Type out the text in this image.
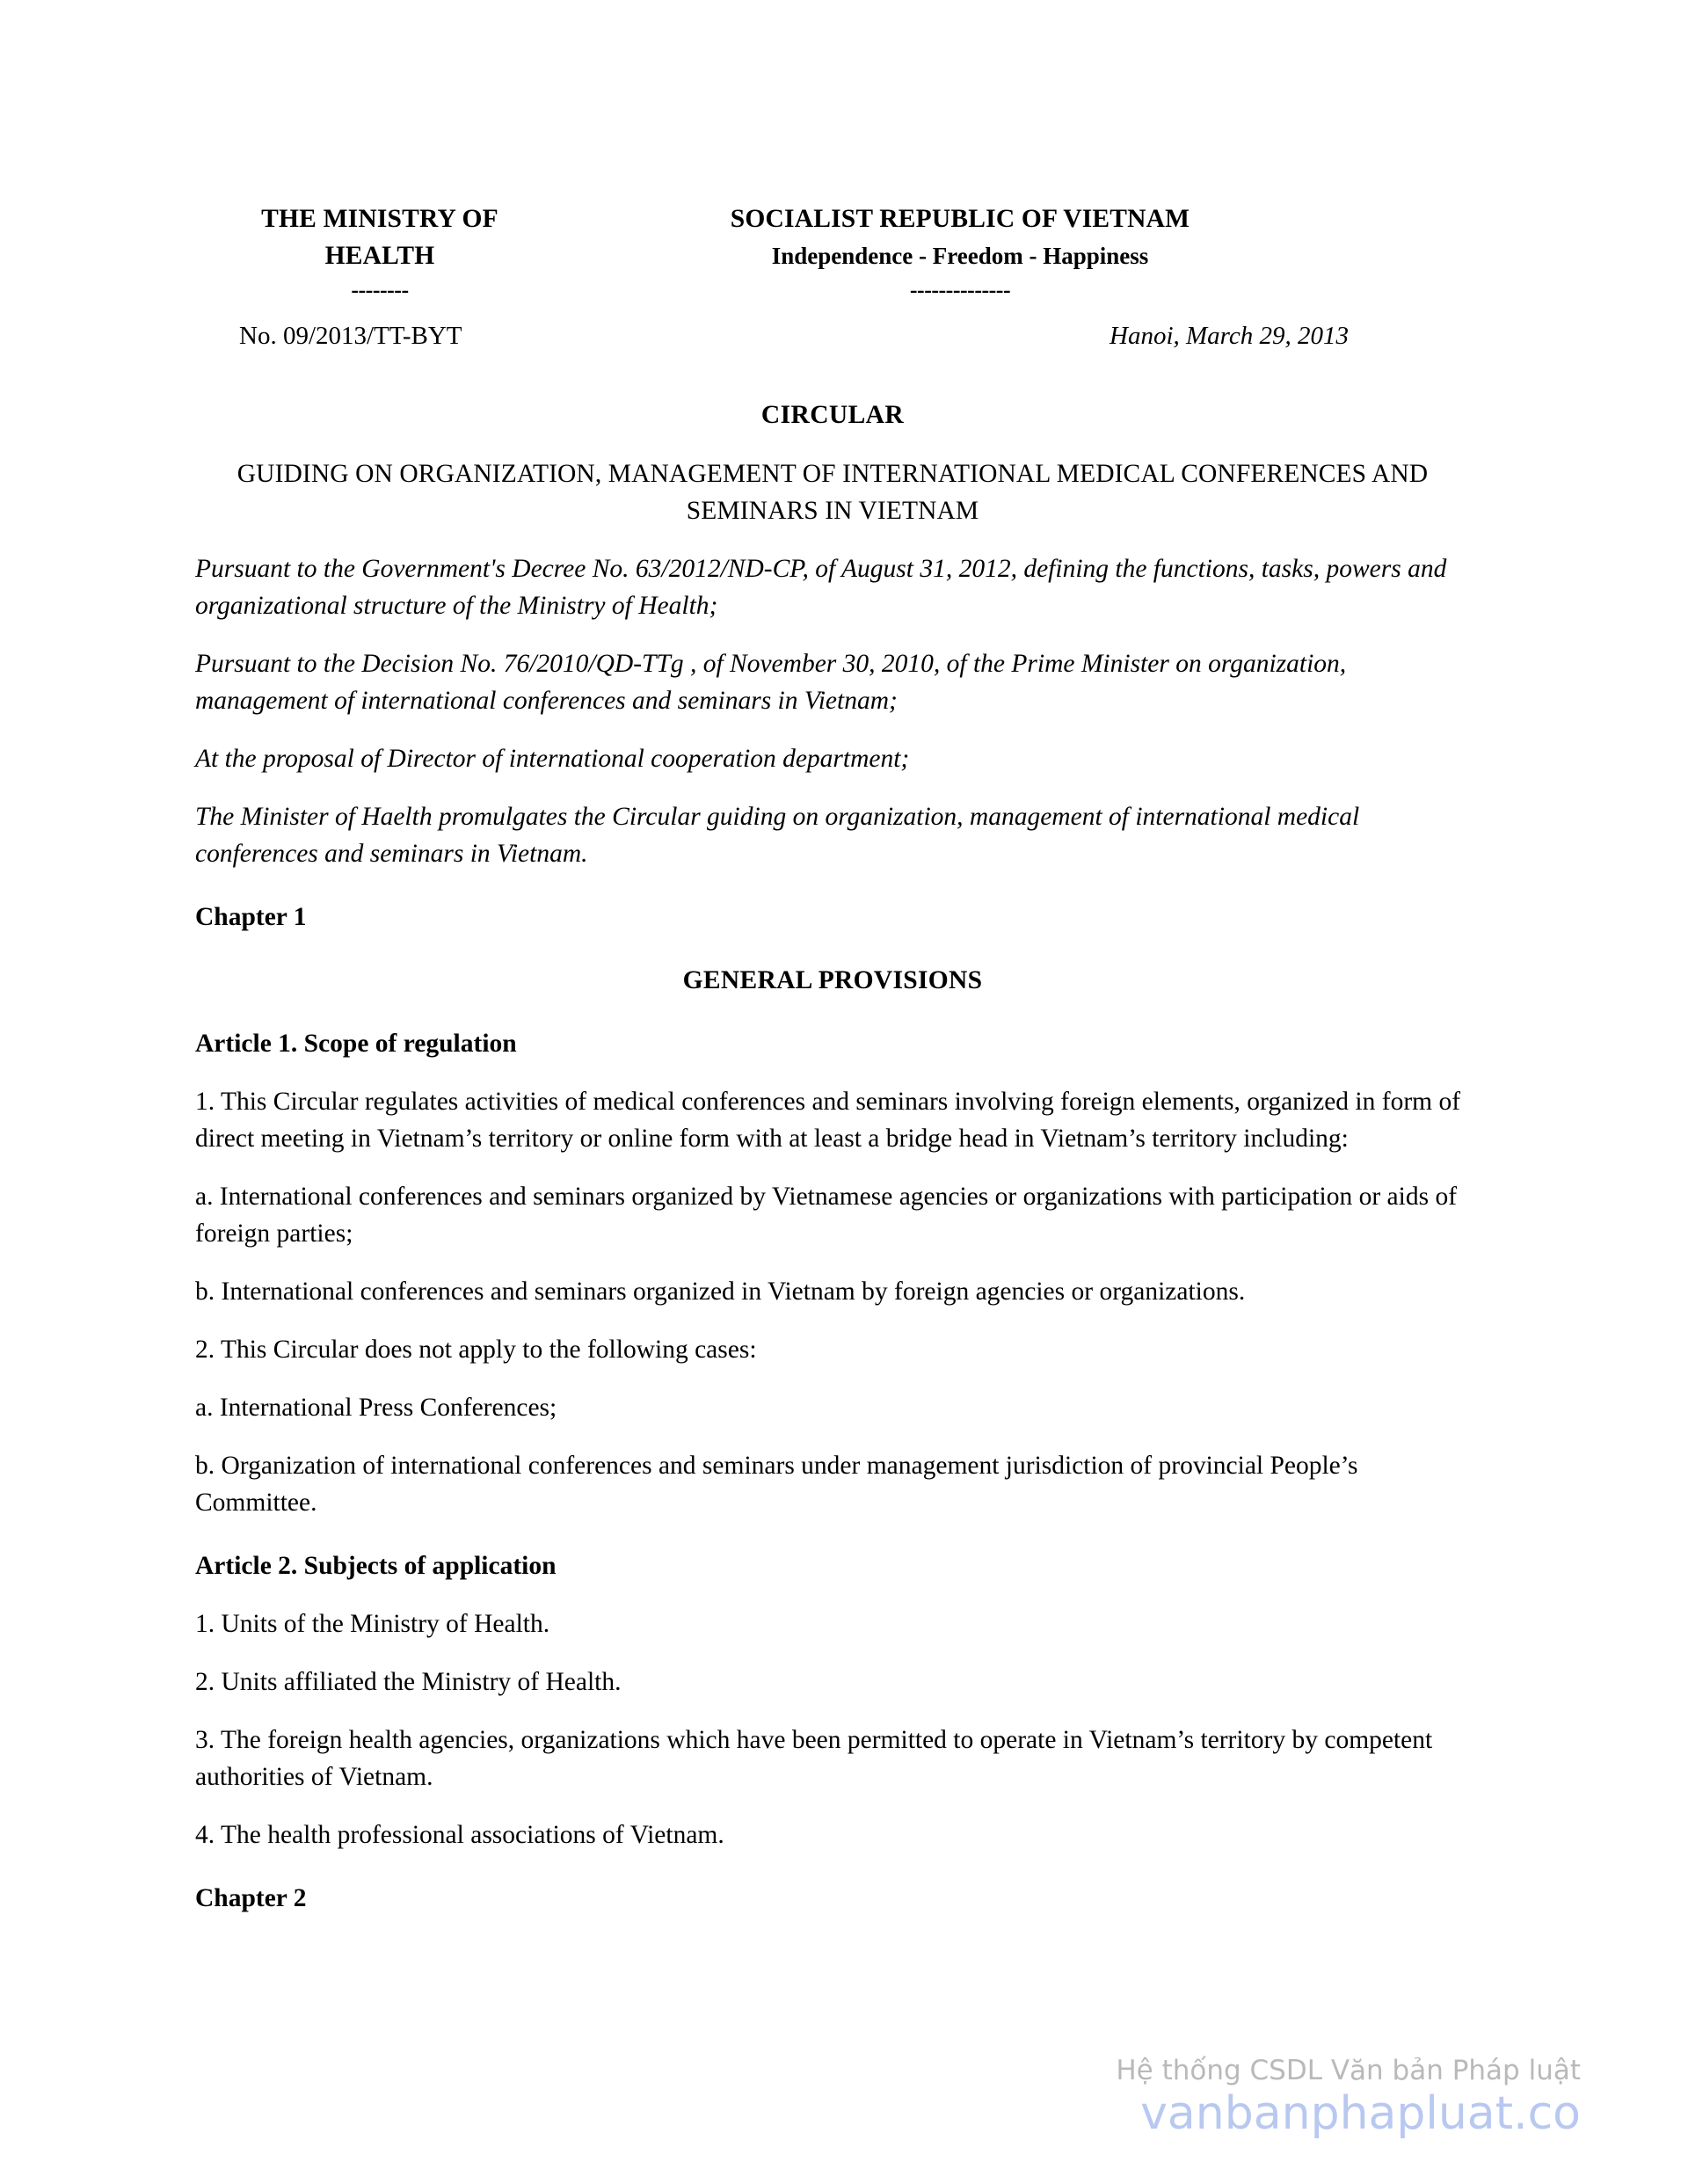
THE MINISTRY OF
HEALTH
--------
SOCIALIST REPUBLIC OF VIETNAM
Independence - Freedom - Happiness
--------------
No. 09/2013/TT-BYT	Hanoi, March 29, 2013
CIRCULAR
GUIDING ON ORGANIZATION, MANAGEMENT OF INTERNATIONAL MEDICAL CONFERENCES AND SEMINARS IN VIETNAM
Pursuant to the Government's Decree No. 63/2012/ND-CP, of August 31, 2012, defining the functions, tasks, powers and organizational structure of the Ministry of Health;
Pursuant to the Decision No. 76/2010/QD-TTg , of November 30, 2010, of the Prime Minister on organization, management of international conferences and seminars in Vietnam;
At the proposal of Director of international cooperation department;
The Minister of Haelth promulgates the Circular guiding on organization, management of international medical conferences and seminars in Vietnam.
Chapter 1
GENERAL PROVISIONS
Article 1. Scope of regulation
1. This Circular regulates activities of medical conferences and seminars involving foreign elements, organized in form of direct meeting in Vietnam’s territory or online form with at least a bridge head in Vietnam’s territory including:
a. International conferences and seminars organized by Vietnamese agencies or organizations with participation or aids of foreign parties;
b. International conferences and seminars organized in Vietnam by foreign agencies or organizations.
2. This Circular does not apply to the following cases:
a. International Press Conferences;
b. Organization of international conferences and seminars under management jurisdiction of provincial People’s Committee.
Article 2. Subjects of application
1. Units of the Ministry of Health.
2. Units affiliated the Ministry of Health.
3. The foreign health agencies, organizations which have been permitted to operate in Vietnam’s territory by competent authorities of Vietnam.
4. The health professional associations of Vietnam.
Chapter 2
Hệ thống CSDL Văn bản Pháp luật
vanbanphapluat.co
